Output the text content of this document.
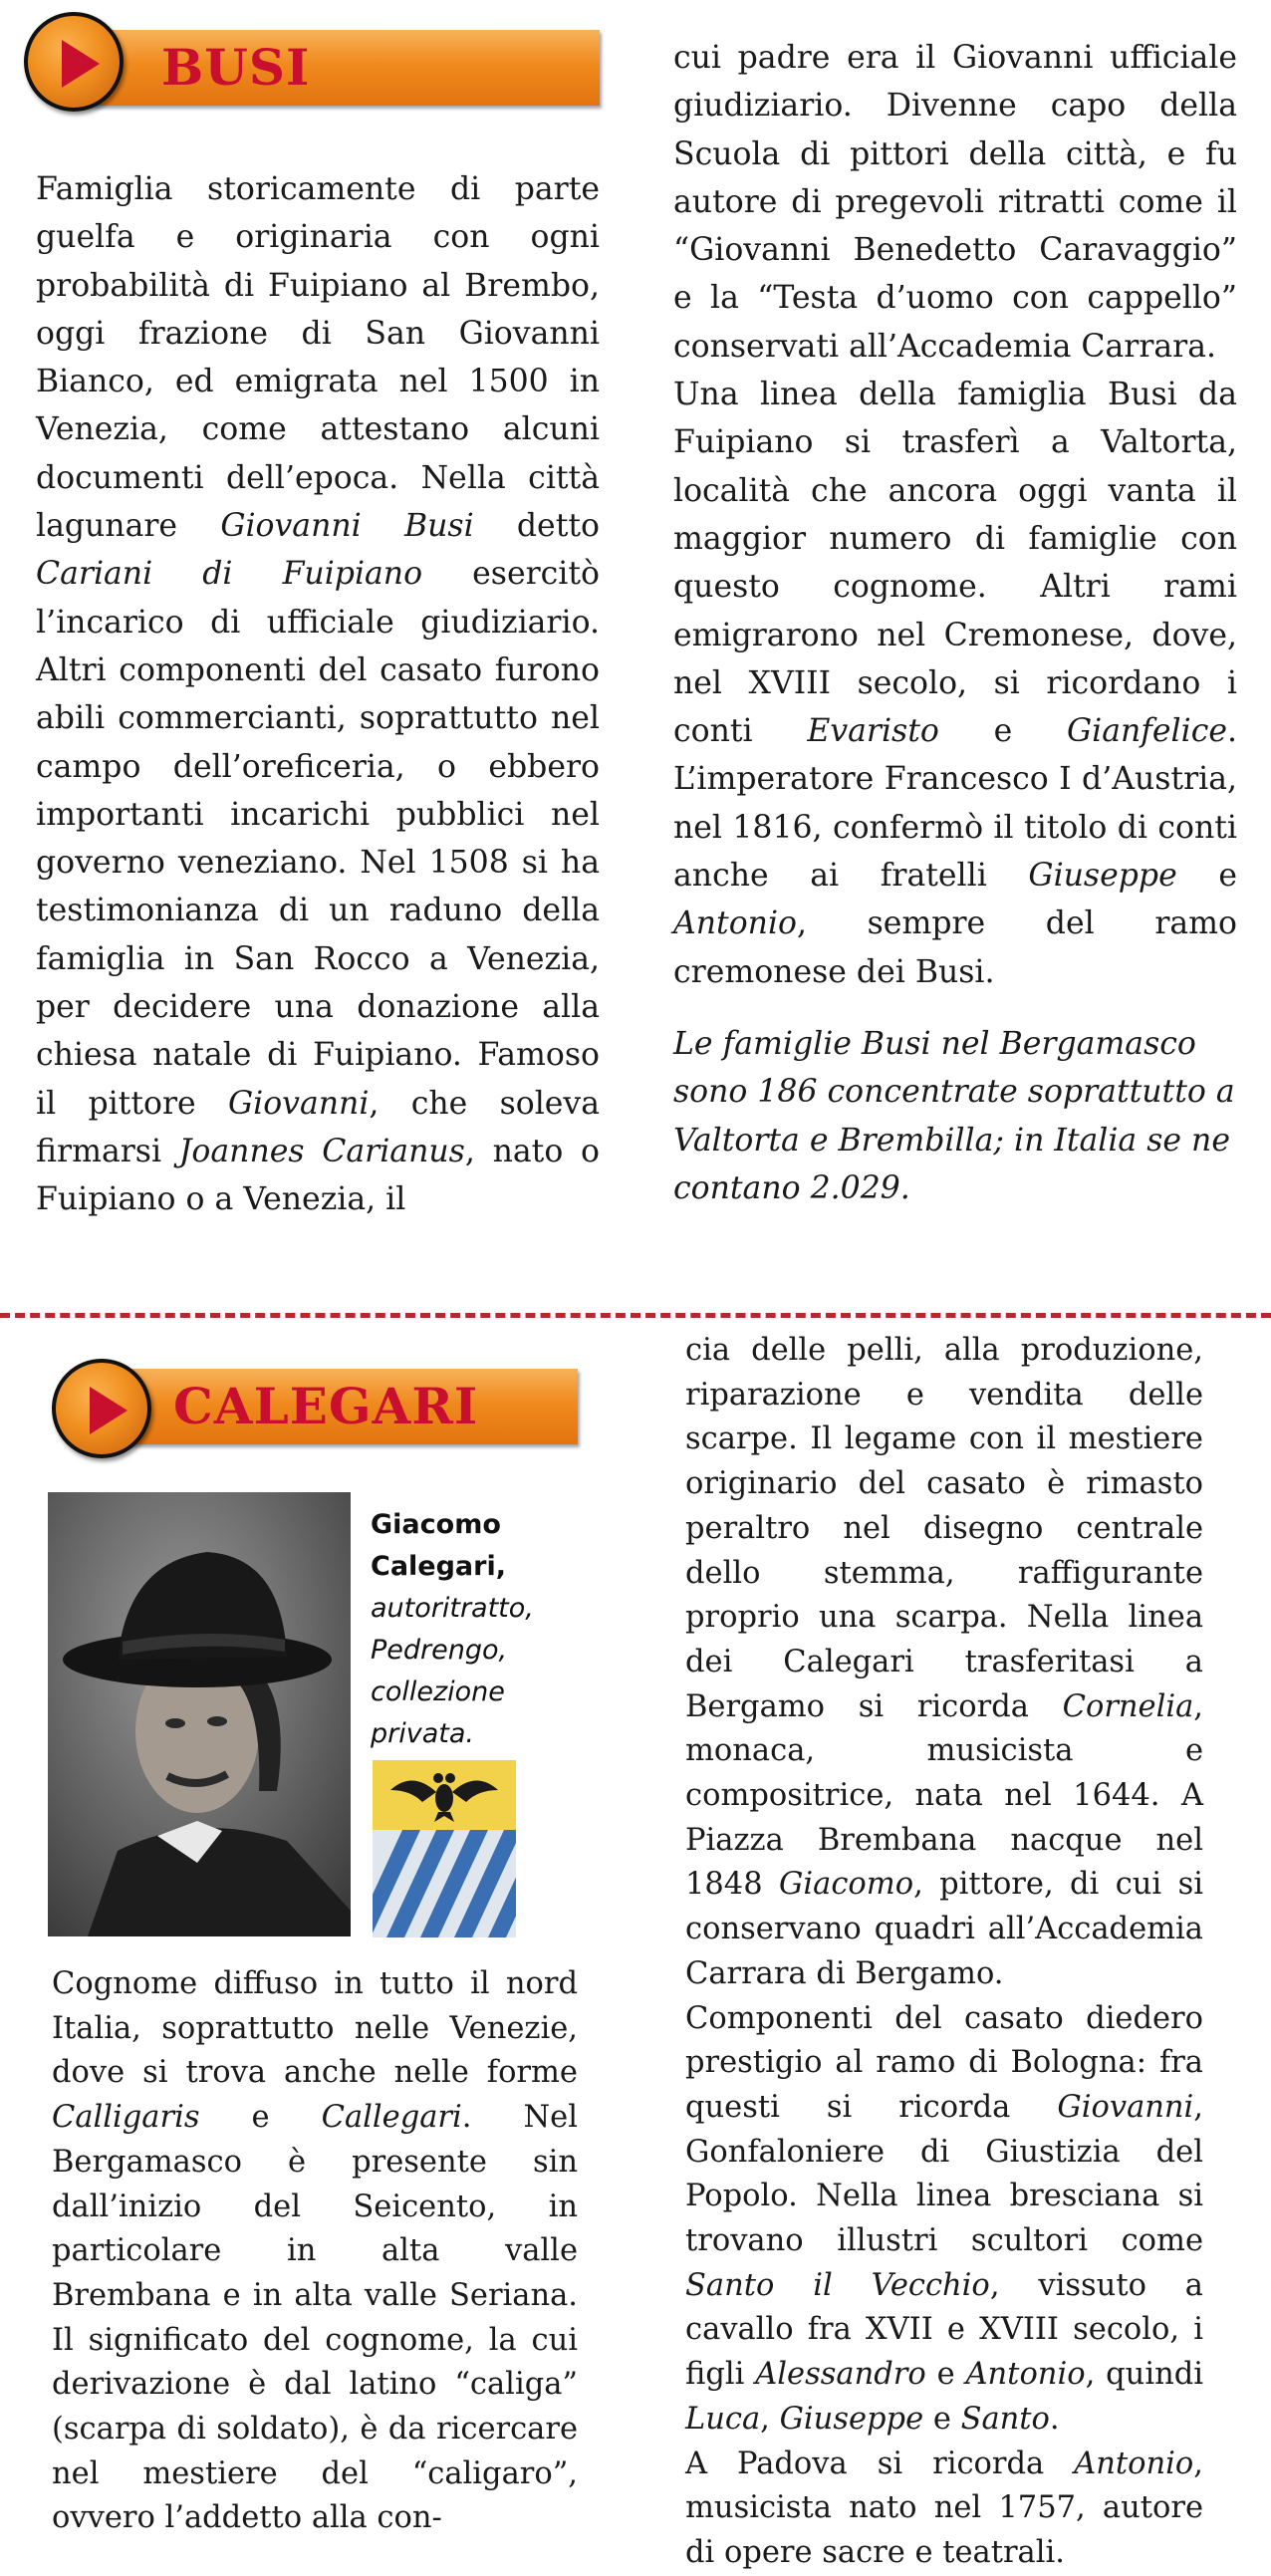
BUSI

Famiglia storicamente di parte guelfa e originaria con ogni probabilità di Fuipiano al Brembo, oggi frazione di San Giovanni Bianco, ed emigrata nel 1500 in Venezia, come attestano alcuni documenti dell’epoca. Nella città lagunare Giovanni Busi detto Cariani di Fuipiano esercitò l’incarico di ufficiale giudiziario. Altri componenti del casato furono abili commercianti, soprattutto nel campo dell’oreficeria, o ebbero importanti incarichi pubblici nel governo veneziano. Nel 1508 si ha testimonianza di un raduno della famiglia in San Rocco a Venezia, per decidere una donazione alla chiesa natale di Fuipiano. Famoso il pittore Giovanni, che soleva firmarsi Joannes Carianus, nato o Fuipiano o a Venezia, il

cui padre era il Giovanni ufficiale giudiziario. Divenne capo della Scuola di pittori della città, e fu autore di pregevoli ritratti come il “Giovanni Benedetto Caravaggio” e la “Testa d’uomo con cappello” conservati all’Accademia Carrara.

Una linea della famiglia Busi da Fuipiano si trasferì a Valtorta, località che ancora oggi vanta il maggior numero di famiglie con questo cognome. Altri rami emigrarono nel Cremonese, dove, nel XVIII secolo, si ricordano i conti Evaristo e Gianfelice. L’imperatore Francesco I d’Austria, nel 1816, confermò il titolo di conti anche ai fratelli Giuseppe e Antonio, sempre del ramo cremonese dei Busi.

Le famiglie Busi nel Bergamasco sono 186 concentrate soprattutto a Valtorta e Brembilla; in Italia se ne contano 2.029.

CALEGARI
Giacomo Calegari,
autoritratto, Pedrengo, collezione privata.

Cognome diffuso in tutto il nord Italia, soprattutto nelle Venezie, dove si trova anche nelle forme Calligaris e Callegari. Nel Bergamasco è presente sin dall’inizio del Seicento, in particolare in alta valle Brembana e in alta valle Seriana. Il significato del cognome, la cui derivazione è dal latino “caliga” (scarpa di soldato), è da ricercare nel mestiere del “caligaro”, ovvero l’addetto alla con-

cia delle pelli, alla produzione, riparazione e vendita delle scarpe. Il legame con il mestiere originario del casato è rimasto peraltro nel disegno centrale dello stemma, raffigurante proprio una scarpa. Nella linea dei Calegari trasferitasi a Bergamo si ricorda Cornelia, monaca, musicista e compositrice, nata nel 1644. A Piazza Brembana nacque nel 1848 Giacomo, pittore, di cui si conservano quadri all’Accademia Carrara di Bergamo.

Componenti del casato diedero prestigio al ramo di Bologna: fra questi si ricorda Giovanni, Gonfaloniere di Giustizia del Popolo. Nella linea bresciana si trovano illustri scultori come Santo il Vecchio, vissuto a cavallo fra XVII e XVIII secolo, i figli Alessandro e Antonio, quindi Luca, Giuseppe e Santo.

A Padova si ricorda Antonio, musicista nato nel 1757, autore di opere sacre e teatrali.
